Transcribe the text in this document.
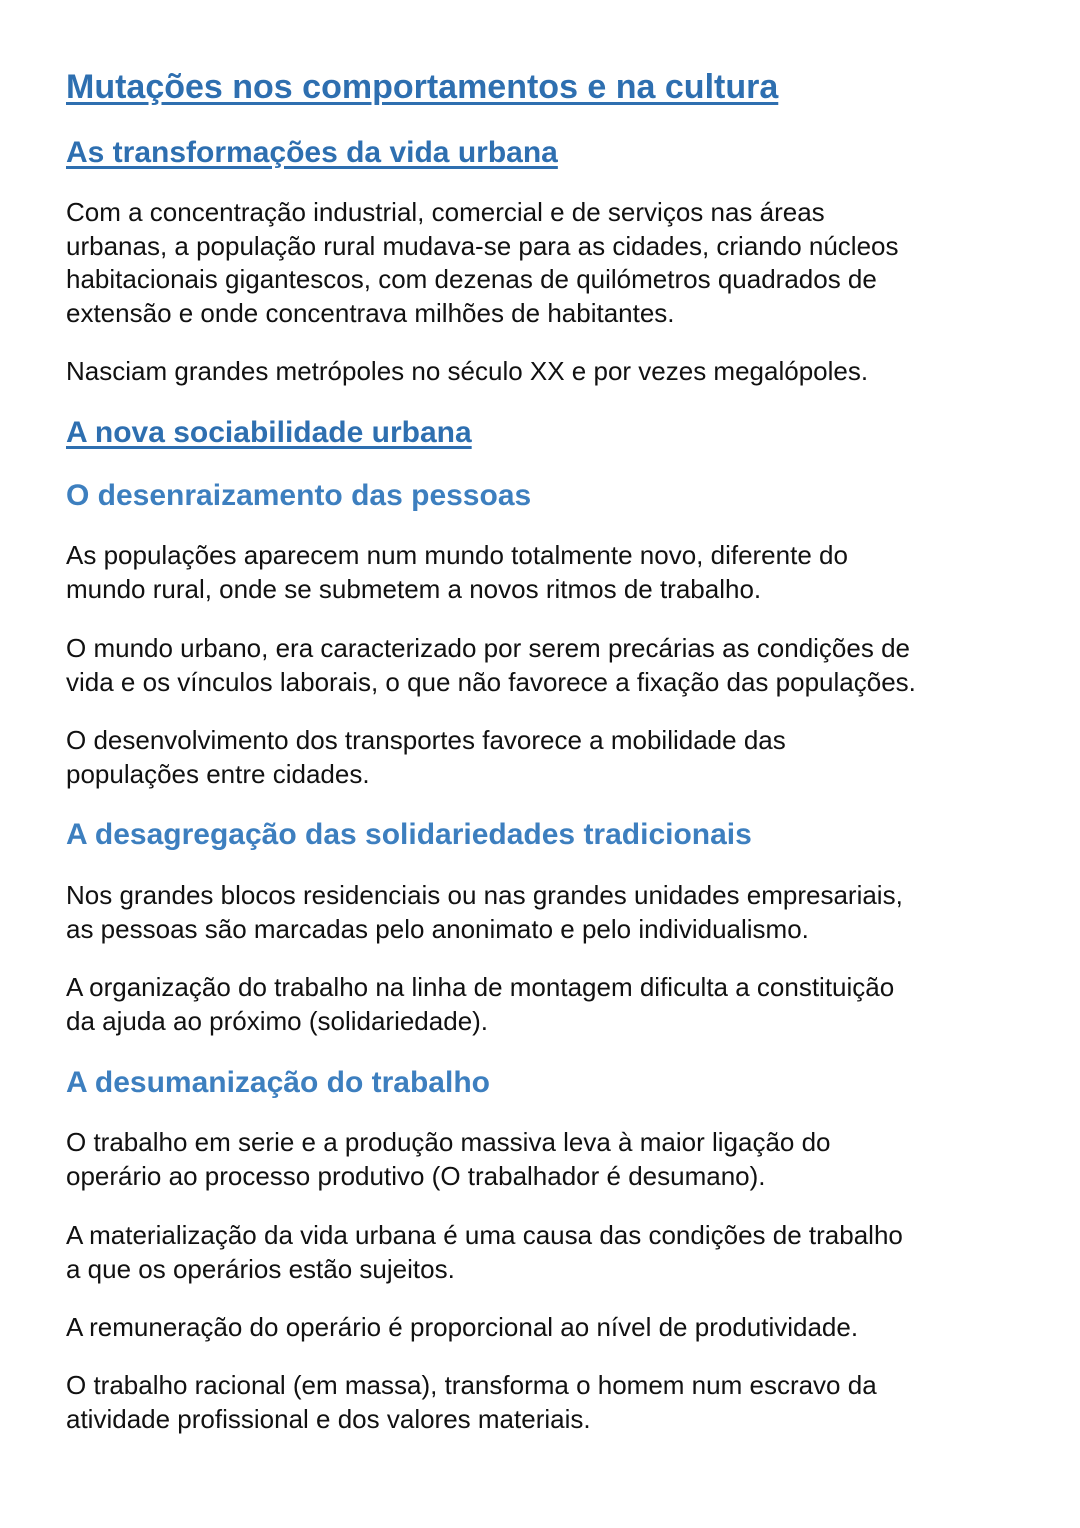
Mutações nos comportamentos e na cultura
As transformações da vida urbana
Com a concentração industrial, comercial e de serviços nas áreas
urbanas, a população rural mudava-se para as cidades, criando núcleos
habitacionais gigantescos, com dezenas de quilómetros quadrados de
extensão e onde concentrava milhões de habitantes.
Nasciam grandes metrópoles no século XX e por vezes megalópoles.
A nova sociabilidade urbana
O desenraizamento das pessoas
As populações aparecem num mundo totalmente novo, diferente do
mundo rural, onde se submetem a novos ritmos de trabalho.
O mundo urbano, era caracterizado por serem precárias as condições de
vida e os vínculos laborais, o que não favorece a fixação das populações.
O desenvolvimento dos transportes favorece a mobilidade das
populações entre cidades.
A desagregação das solidariedades tradicionais
Nos grandes blocos residenciais ou nas grandes unidades empresariais,
as pessoas são marcadas pelo anonimato e pelo individualismo.
A organização do trabalho na linha de montagem dificulta a constituição
da ajuda ao próximo (solidariedade).
A desumanização do trabalho
O trabalho em serie e a produção massiva leva à maior ligação do
operário ao processo produtivo (O trabalhador é desumano).
A materialização da vida urbana é uma causa das condições de trabalho
a que os operários estão sujeitos.
A remuneração do operário é proporcional ao nível de produtividade.
O trabalho racional (em massa), transforma o homem num escravo da
atividade profissional e dos valores materiais.
